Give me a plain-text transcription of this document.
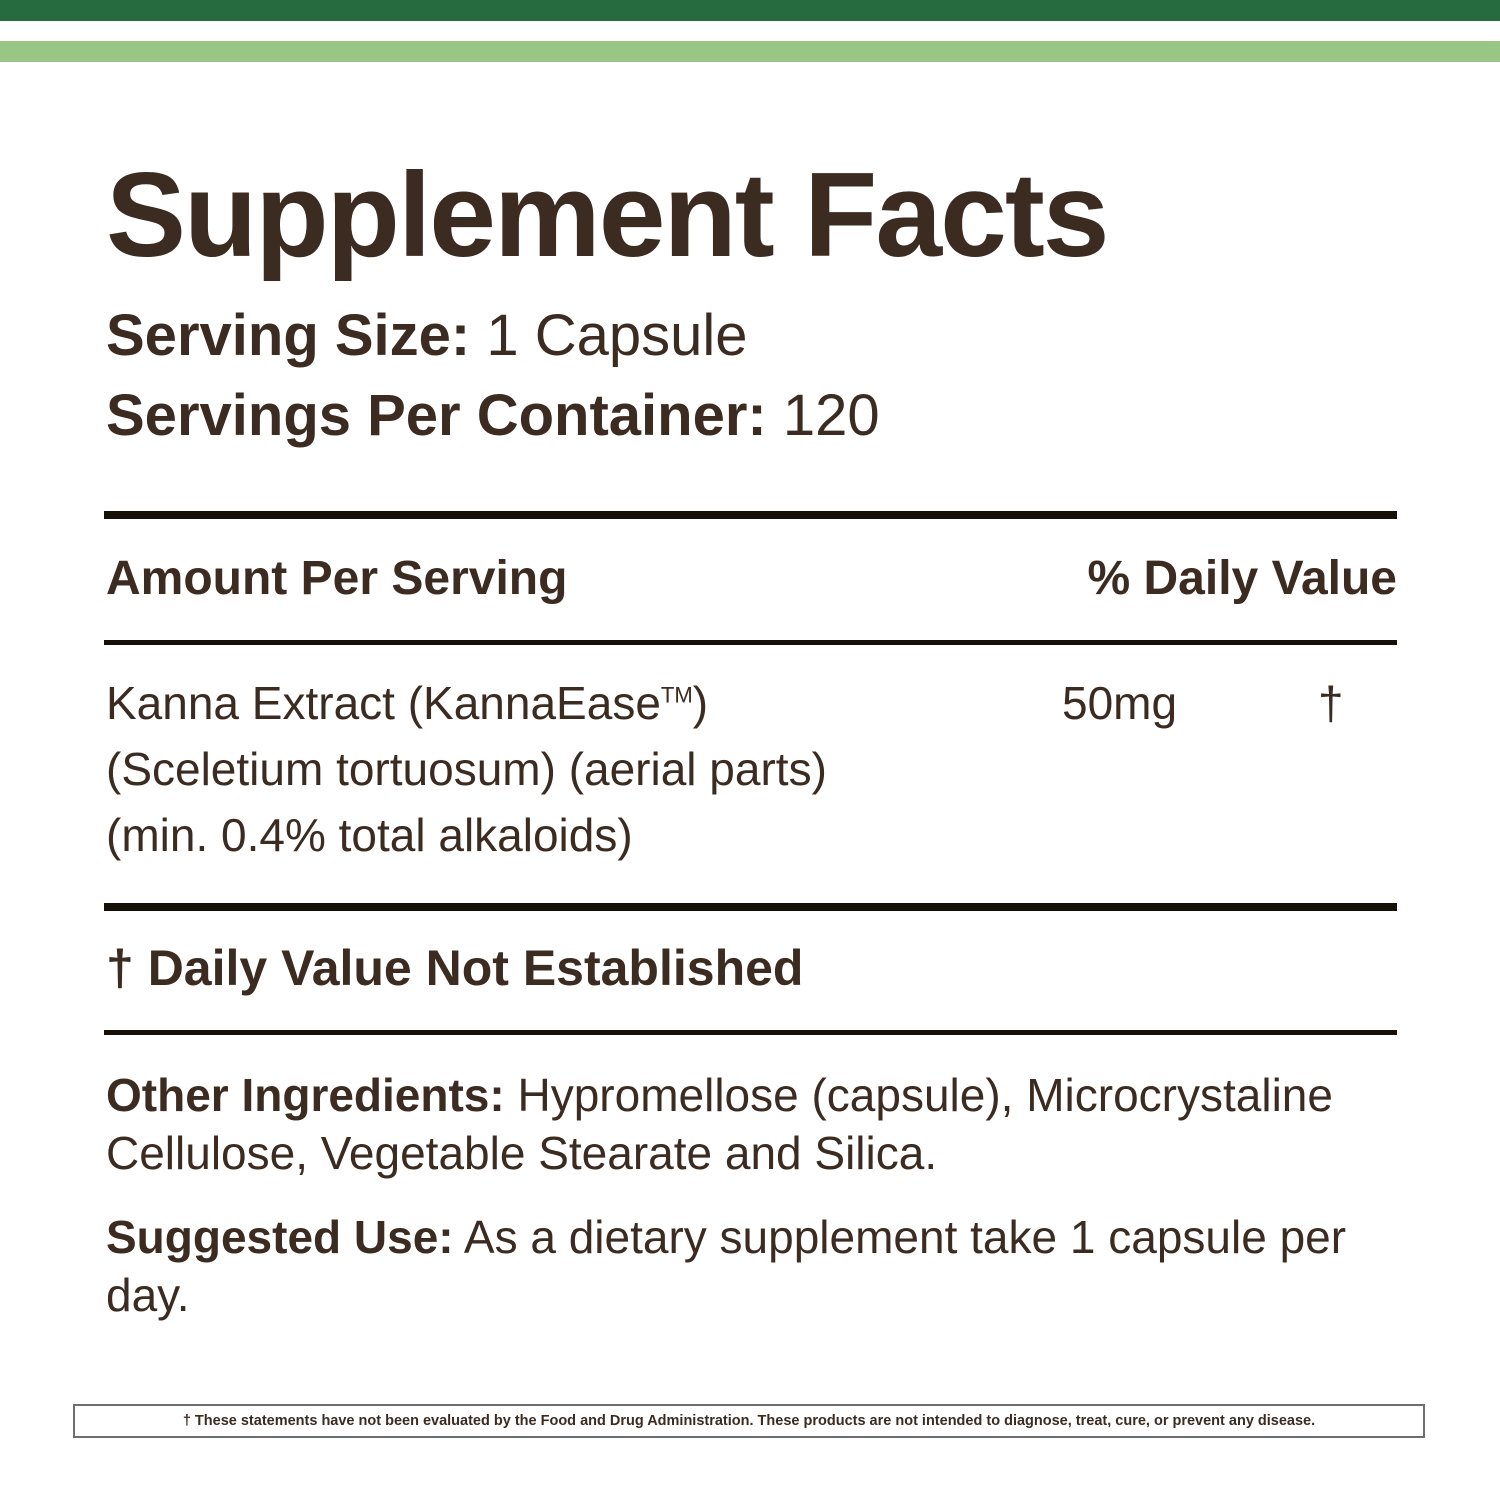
Supplement Facts
Serving Size: 1 Capsule
Servings Per Container: 120
Amount Per Serving	% Daily Value
Kanna Extract (KannaEase™)	50mg	†
(Sceletium tortuosum) (aerial parts)
(min. 0.4% total alkaloids)
† Daily Value Not Established
Other Ingredients: Hypromellose (capsule), Microcrystaline Cellulose, Vegetable Stearate and Silica.
Suggested Use: As a dietary supplement take 1 capsule per day.
† These statements have not been evaluated by the Food and Drug Administration. These products are not intended to diagnose, treat, cure, or prevent any disease.
